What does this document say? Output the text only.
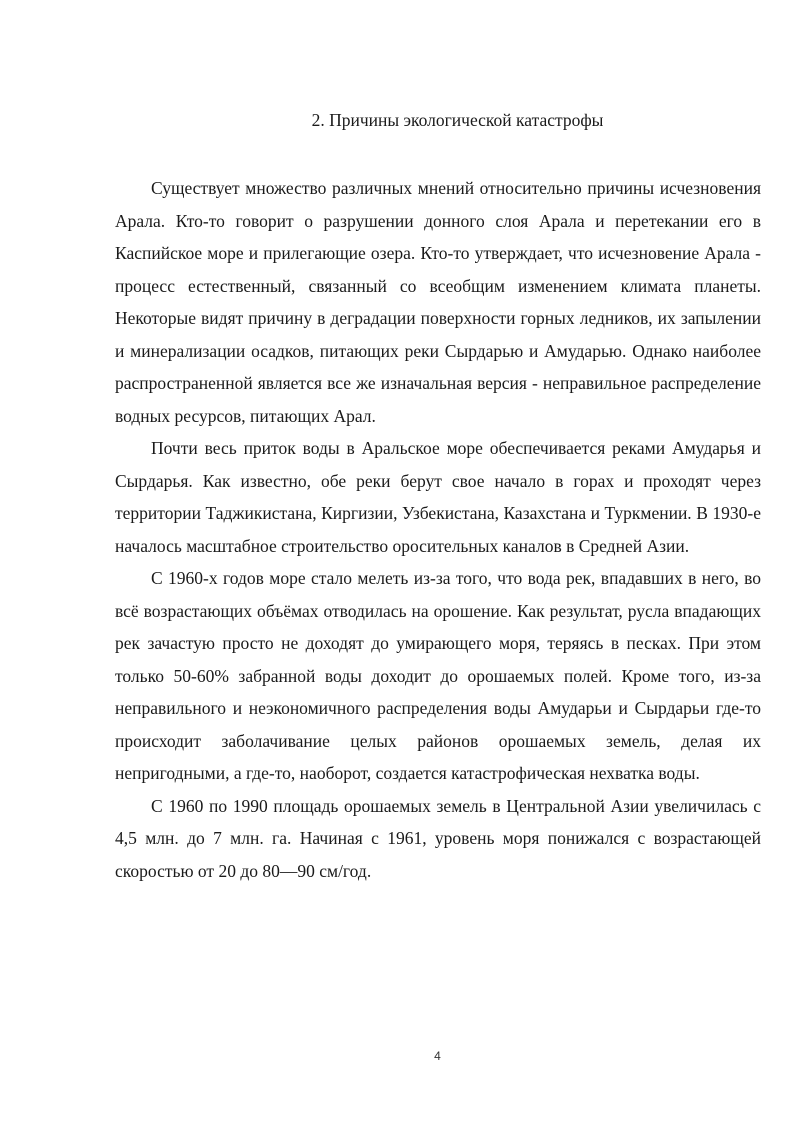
2. Причины экологической катастрофы

Существует множество различных мнений относительно причины исчезновения Арала. Кто-то говорит о разрушении донного слоя Арала и перетекании его в Каспийское море и прилегающие озера. Кто-то утверждает, что исчезновение Арала - процесс естественный, связанный со всеобщим изменением климата планеты. Некоторые видят причину в деградации поверхности горных ледников, их запылении и минерализации осадков, питающих реки Сырдарью и Амударью. Однако наиболее распространенной является все же изначальная версия - неправильное распределение водных ресурсов, питающих Арал.

Почти весь приток воды в Аральское море обеспечивается реками Амударья и Сырдарья. Как известно, обе реки берут свое начало в горах и проходят через территории Таджикистана, Киргизии, Узбекистана, Казахстана и Туркмении. В 1930-е началось масштабное строительство оросительных каналов в Средней Азии.

С 1960-х годов море стало мелеть из-за того, что вода рек, впадавших в него, во всё возрастающих объёмах отводилась на орошение. Как результат, русла впадающих рек зачастую просто не доходят до умирающего моря, теряясь в песках. При этом только 50-60% забранной воды доходит до орошаемых полей. Кроме того, из-за неправильного и неэкономичного распределения воды Амударьи и Сырдарьи где-то происходит заболачивание целых районов орошаемых земель, делая их непригодными, а где-то, наоборот, создается катастрофическая нехватка воды.

С 1960 по 1990 площадь орошаемых земель в Центральной Азии увеличилась с 4,5 млн. до 7 млн. га. Начиная с 1961, уровень моря понижался с возрастающей скоростью от 20 до 80—90 см/год.

4
